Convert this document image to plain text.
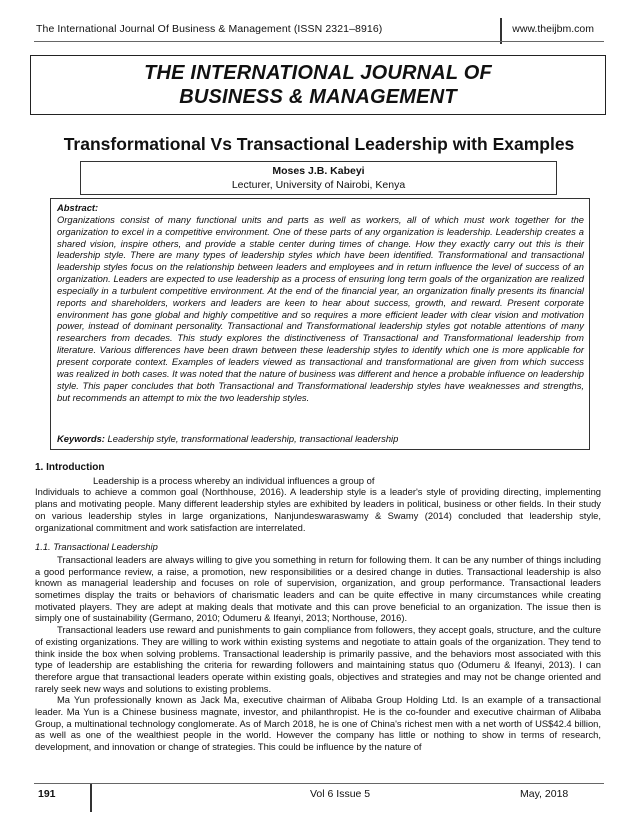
The International Journal Of Business & Management (ISSN 2321–8916)	www.theijbm.com
THE INTERNATIONAL JOURNAL OF
BUSINESS & MANAGEMENT
Transformational Vs Transactional Leadership with Examples
Moses J.B. Kabeyi
Lecturer, University of Nairobi, Kenya
Abstract:
Organizations consist of many functional units and parts as well as workers, all of which must work together for the organization to excel in a competitive environment. One of these parts of any organization is leadership. Leadership creates a shared vision, inspire others, and provide a stable center during times of change. How they exactly carry out this is their leadership style. There are many types of leadership styles which have been identified. Transformational and transactional leadership styles focus on the relationship between leaders and employees and in return influence the level of success of an organization. Leaders are expected to use leadership as a process of ensuring long term goals of the organization are realized especially in a turbulent competitive environment. At the end of the financial year, an organization finally presents its financial reports and shareholders, workers and leaders are keen to hear about success, growth, and reward. Present corporate environment has gone global and highly competitive and so requires a more efficient leader with clear vision and motivation power, instead of dominant personality. Transactional and Transformational leadership styles got notable attentions of many researchers from decades. This study explores the distinctiveness of Transactional and Transformational leadership from literature. Various differences have been drawn between these leadership styles to identify which one is more applicable for present corporate context. Examples of leaders viewed as transactional and transformational are given from which success was realized in both cases. It was noted that the nature of business was different and hence a probable influence on leadership style. This paper concludes that both Transactional and Transformational leadership styles have weaknesses and strengths, but recommends an attempt to mix the two leadership styles.
Keywords: Leadership style, transformational leadership, transactional leadership
1. Introduction

Leadership is a process whereby an individual influences a group of
Individuals to achieve a common goal (Northhouse, 2016). A leadership style is a leader's style of providing directing, implementing plans and motivating people. Many different leadership styles are exhibited by leaders in political, business or other fields. In their study on various leadership styles in large organizations, Nanjundeswaraswamy & Swamy (2014) concluded that leadership style, organizational commitment and work satisfaction are interrelated.

1.1. Transactional Leadership

Transactional leaders are always willing to give you something in return for following them. It can be any number of things including a good performance review, a raise, a promotion, new responsibilities or a desired change in duties. Transactional leadership is also known as managerial leadership and focuses on role of supervision, organization, and group performance. Transactional leaders sometimes display the traits or behaviors of charismatic leaders and can be quite effective in many circumstances while creating motivated players. They are adept at making deals that motivate and this can prove beneficial to an organization. The issue then is simply one of sustainability (Germano, 2010; Odumeru & Ifeanyi, 2013; Northouse, 2016).

Transactional leaders use reward and punishments to gain compliance from followers, they accept goals, structure, and the culture of existing organizations. They are willing to work within existing systems and negotiate to attain goals of the organization. They tend to think inside the box when solving problems. Transactional leadership is primarily passive, and the behaviors most associated with this type of leadership are establishing the criteria for rewarding followers and maintaining status quo (Odumeru & Ifeanyi, 2013). I can therefore argue that transactional leaders operate within existing goals, objectives and strategies and may not be change oriented and rarely seek new ways and solutions to existing problems.

Ma Yun professionally known as Jack Ma, executive chairman of Alibaba Group Holding Ltd. Is an example of a transactional leader. Ma Yun is a Chinese business magnate, investor, and philanthropist. He is the co-founder and executive chairman of Alibaba Group, a multinational technology conglomerate. As of March 2018, he is one of China's richest men with a net worth of US$42.4 billion, as well as one of the wealthiest people in the world. However the company has little or nothing to show in terms of research, development, and innovation or change of strategies. This could be influence by the nature of

191	Vol 6 Issue 5	May, 2018
